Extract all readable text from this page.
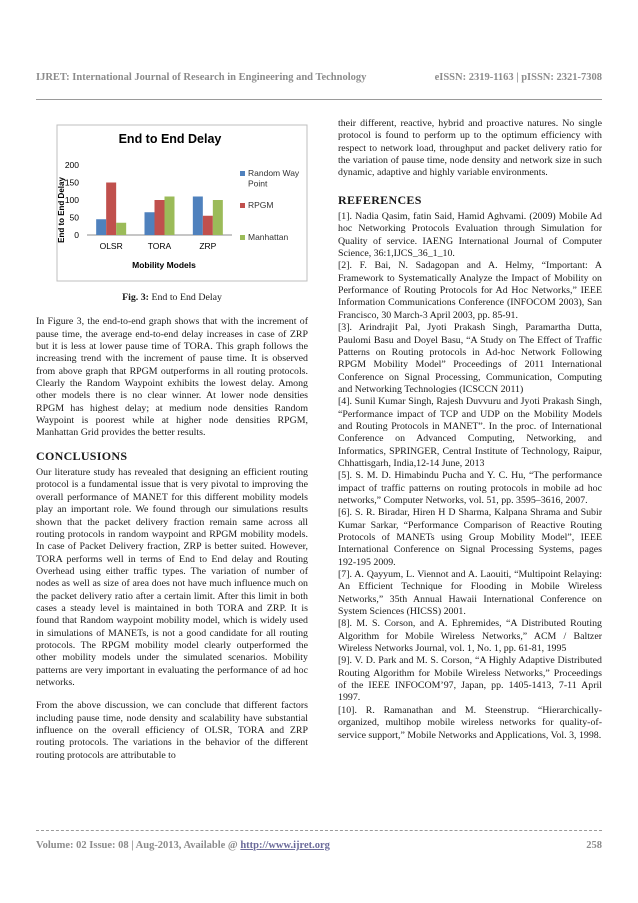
IJRET: International Journal of Research in Engineering and Technology	eISSN: 2319-1163 | pISSN: 2321-7308
0
50
100
150
200
OLSR	TORA	ZRP
End to End Delay
End to End Delay
Mobility Models
Random Way Point
RPGM
Manhattan
Fig. 3: End to End Delay

In Figure 3, the end-to-end graph shows that with the increment of pause time, the average end-to-end delay increases in case of ZRP but it is less at lower pause time of TORA. This graph follows the increasing trend with the increment of pause time. It is observed from above graph that RPGM outperforms in all routing protocols. Clearly the Random Waypoint exhibits the lowest delay. Among other models there is no clear winner. At lower node densities RPGM has highest delay; at medium node densities Random Waypoint is poorest while at higher node densities RPGM, Manhattan Grid provides the better results.

CONCLUSIONS

Our literature study has revealed that designing an efficient routing protocol is a fundamental issue that is very pivotal to improving the overall performance of MANET for this different mobility models play an important role. We found through our simulations results shown that the packet delivery fraction remain same across all routing protocols in random waypoint and RPGM mobility models. In case of Packet Delivery fraction, ZRP is better suited. However, TORA performs well in terms of End to End delay and Routing Overhead using either traffic types. The variation of number of nodes as well as size of area does not have much influence much on the packet delivery ratio after a certain limit. After this limit in both cases a steady level is maintained in both TORA and ZRP. It is found that Random waypoint mobility model, which is widely used in simulations of MANETs, is not a good candidate for all routing protocols. The RPGM mobility model clearly outperformed the other mobility models under the simulated scenarios. Mobility patterns are very important in evaluating the performance of ad hoc networks.

From the above discussion, we can conclude that different factors including pause time, node density and scalability have substantial influence on the overall efficiency of OLSR, TORA and ZRP routing protocols. The variations in the behavior of the different routing protocols are attributable to

their different, reactive, hybrid and proactive natures. No single protocol is found to perform up to the optimum efficiency with respect to network load, throughput and packet delivery ratio for the variation of pause time, node density and network size in such dynamic, adaptive and highly variable environments.

REFERENCES

[1]. Nadia Qasim, fatin Said, Hamid Aghvami. (2009) Mobile Ad hoc Networking Protocols Evaluation through Simulation for Quality of service. IAENG International Journal of Computer Science, 36:1,IJCS_36_1_10.

[2]. F. Bai, N. Sadagopan and A. Helmy, “Important: A Framework to Systematically Analyze the Impact of Mobility on Performance of Routing Protocols for Ad Hoc Networks,” IEEE Information Communications Conference (INFOCOM 2003), San Francisco, 30 March-3 April 2003, pp. 85-91.

[3]. Arindrajit Pal, Jyoti Prakash Singh, Paramartha Dutta, Paulomi Basu and Doyel Basu, “A Study on The Effect of Traffic Patterns on Routing protocols in Ad-hoc Network Following RPGM Mobility Model” Proceedings of 2011 International Conference on Signal Processing, Communication, Computing and Networking Technologies (ICSCCN 2011)

[4]. Sunil Kumar Singh, Rajesh Duvvuru and Jyoti Prakash Singh, “Performance impact of TCP and UDP on the Mobility Models and Routing Protocols in MANET”. In the proc. of International Conference on Advanced Computing, Networking, and Informatics, SPRINGER, Central Institute of Technology, Raipur, Chhattisgarh, India,12-14 June, 2013

[5]. S. M. D. Himabindu Pucha and Y. C. Hu, “The performance impact of traffic patterns on routing protocols in mobile ad hoc networks,” Computer Networks, vol. 51, pp. 3595–3616, 2007.

[6]. S. R. Biradar, Hiren H D Sharma, Kalpana Shrama and Subir Kumar Sarkar, “Performance Comparison of Reactive Routing Protocols of MANETs using Group Mobility Model”, IEEE International Conference on Signal Processing Systems, pages 192-195 2009.

[7]. A. Qayyum, L. Viennot and A. Laouiti, “Multipoint Relaying: An Efficient Technique for Flooding in Mobile Wireless Networks,” 35th Annual Hawaii International Conference on System Sciences (HICSS) 2001.

[8]. M. S. Corson, and A. Ephremides, “A Distributed Routing Algorithm for Mobile Wireless Networks,” ACM / Baltzer Wireless Networks Journal, vol. 1, No. 1, pp. 61-81, 1995

[9]. V. D. Park and M. S. Corson, “A Highly Adaptive Distributed Routing Algorithm for Mobile Wireless Networks,” Proceedings of the IEEE INFOCOM’97, Japan, pp. 1405-1413, 7-11 April 1997.

[10]. R. Ramanathan and M. Steenstrup. “Hierarchically-organized, multihop mobile wireless networks for quality-of-service support,” Mobile Networks and Applications, Vol. 3, 1998.

Volume: 02 Issue: 08 | Aug-2013, Available @ http://www.ijret.org	258
